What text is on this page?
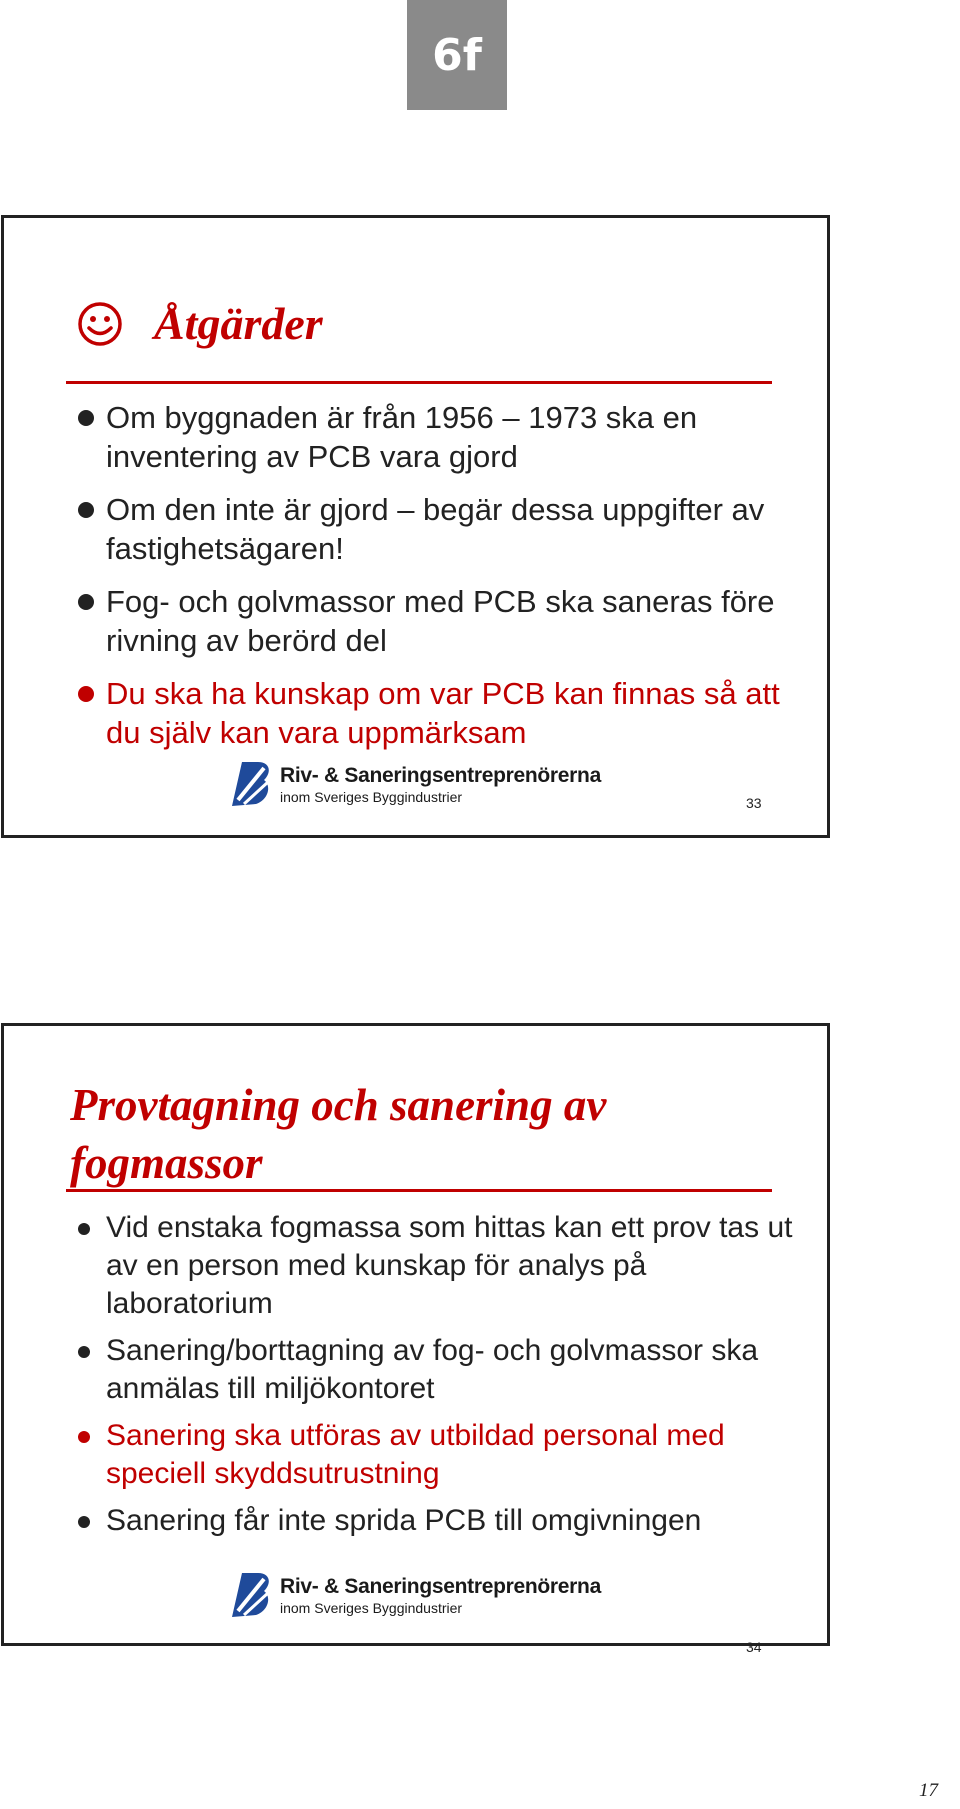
6f
Åtgärder
Om byggnaden är från 1956 – 1973 ska en inventering av PCB vara gjord
Om den inte är gjord – begär dessa uppgifter av fastighetsägaren!
Fog- och golvmassor med PCB ska saneras före rivning av berörd del
Du ska ha kunskap om var PCB kan finnas så att du själv kan vara uppmärksam
Riv- & Saneringsentreprenörerna
inom Sveriges Byggindustrier	33
Provtagning och sanering av fogmassor
Vid enstaka fogmassa som hittas kan ett prov tas ut av en person med kunskap för analys på laboratorium
Sanering/borttagning av fog- och golvmassor ska anmälas till miljökontoret
Sanering ska utföras av utbildad personal med speciell skyddsutrustning
Sanering får inte sprida PCB till omgivningen
Riv- & Saneringsentreprenörerna
inom Sveriges Byggindustrier
34
17
